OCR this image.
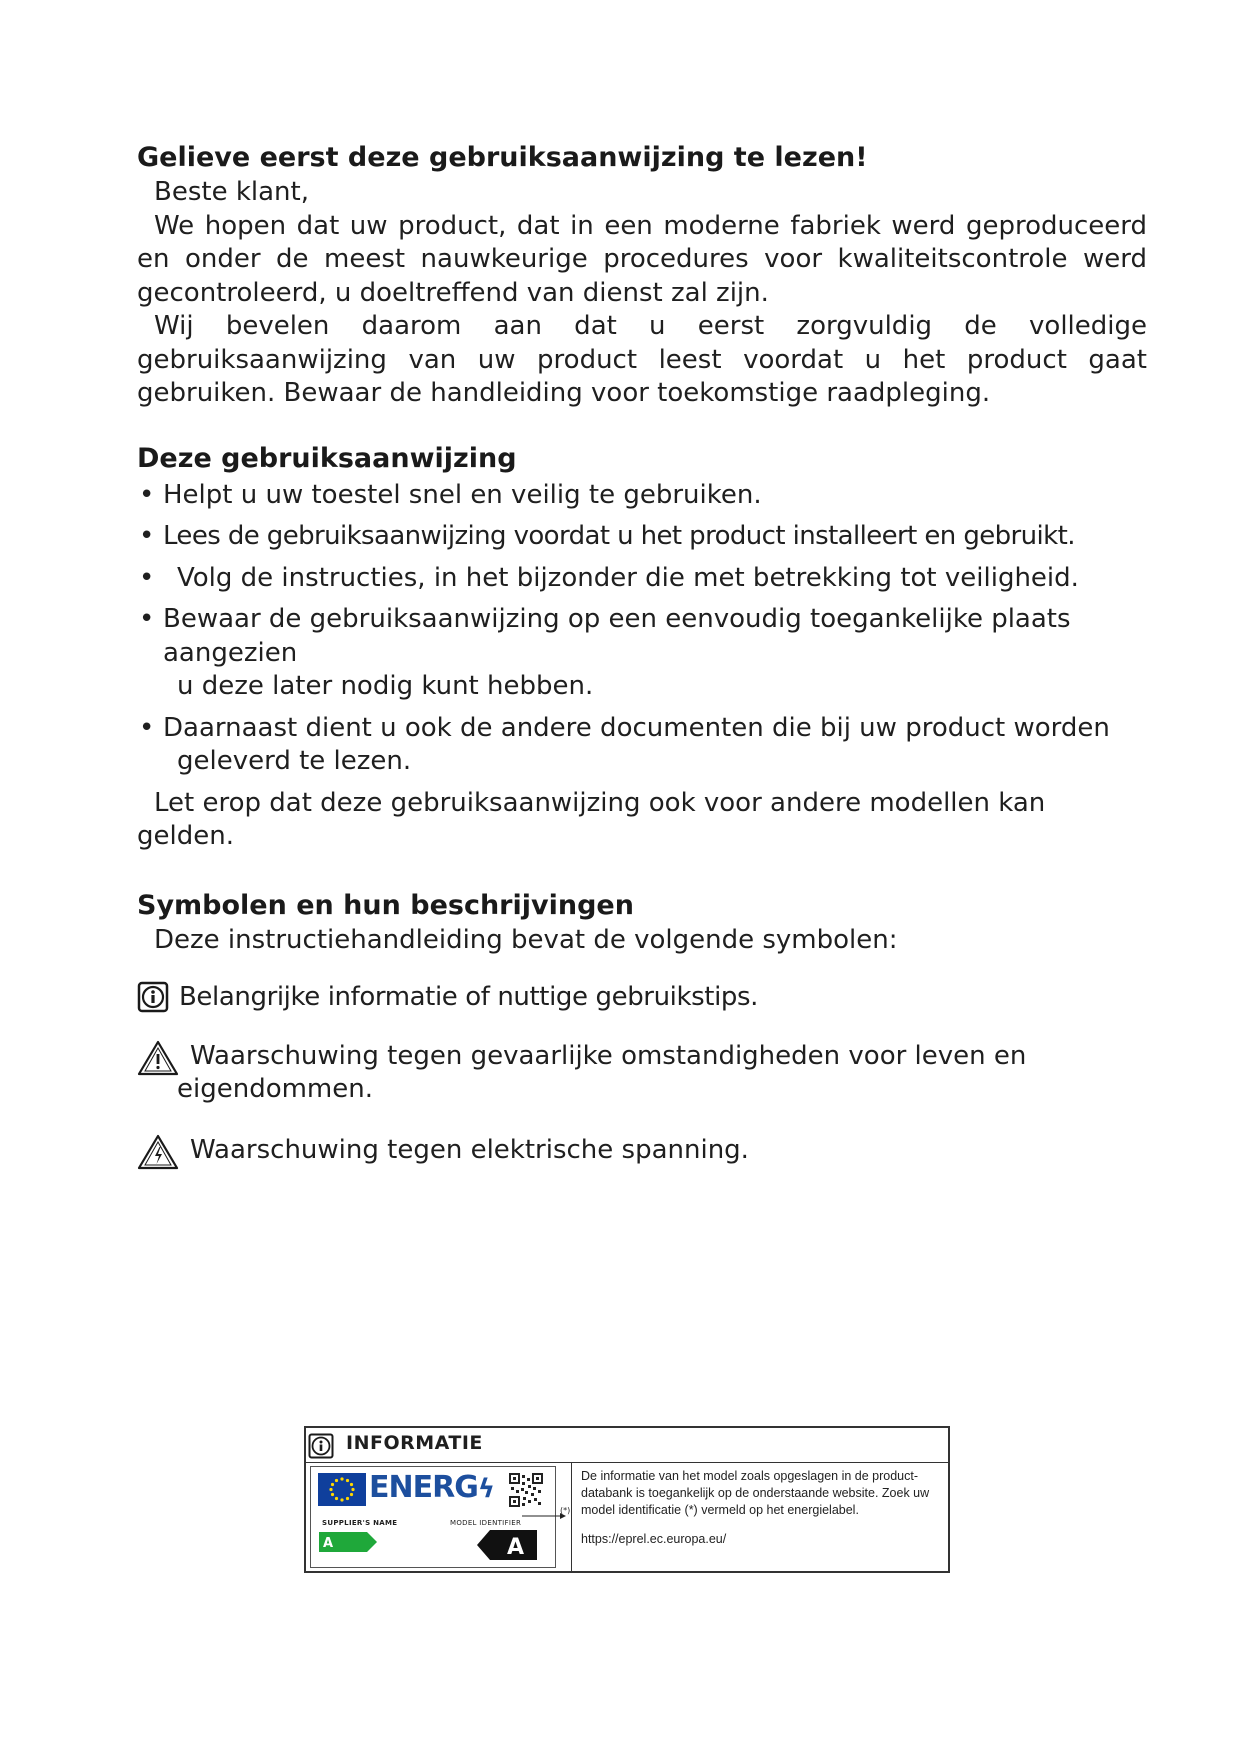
Gelieve eerst deze gebruiksaanwijzing te lezen!

Beste klant,

We hopen dat uw product, dat in een moderne fabriek werd geproduceerd en onder de meest nauwkeurige procedures voor kwaliteitscontrole werd gecontroleerd, u doeltreffend van dienst zal zijn.

Wij bevelen daarom aan dat u eerst zorgvuldig de volledige gebruiksaanwijzing van uw product leest voordat u het product gaat gebruiken. Bewaar de handleiding voor toekomstige raadpleging.

Deze gebruiksaanwijzing
• Helpt u uw toestel snel en veilig te gebruiken.
• Lees de gebruiksaanwijzing voordat u het product installeert en gebruikt.
• Volg de instructies, in het bijzonder die met betrekking tot veiligheid.
• Bewaar de gebruiksaanwijzing op een eenvoudig toegankelijke plaats aangezien
u deze later nodig kunt hebben.
• Daarnaast dient u ook de andere documenten die bij uw product worden
geleverd te lezen.

Let erop dat deze gebruiksaanwijzing ook voor andere modellen kan gelden.

Symbolen en hun beschrijvingen

Deze instructiehandleiding bevat de volgende symbolen:

Belangrijke informatie of nuttige gebruikstips.
Waarschuwing tegen gevaarlijke omstandigheden voor leven en
eigendommen.
Waarschuwing tegen elektrische spanning.
INFORMATIE
ENERGϟ
SUPPLIER'S NAME	MODEL IDENTIFIER
A	A
(*)
De informatie van het model zoals opgeslagen in de product-databank is toegankelijk op de onderstaande website. Zoek uw model identificatie (*) vermeld op het energielabel.
https://eprel.ec.europa.eu/
